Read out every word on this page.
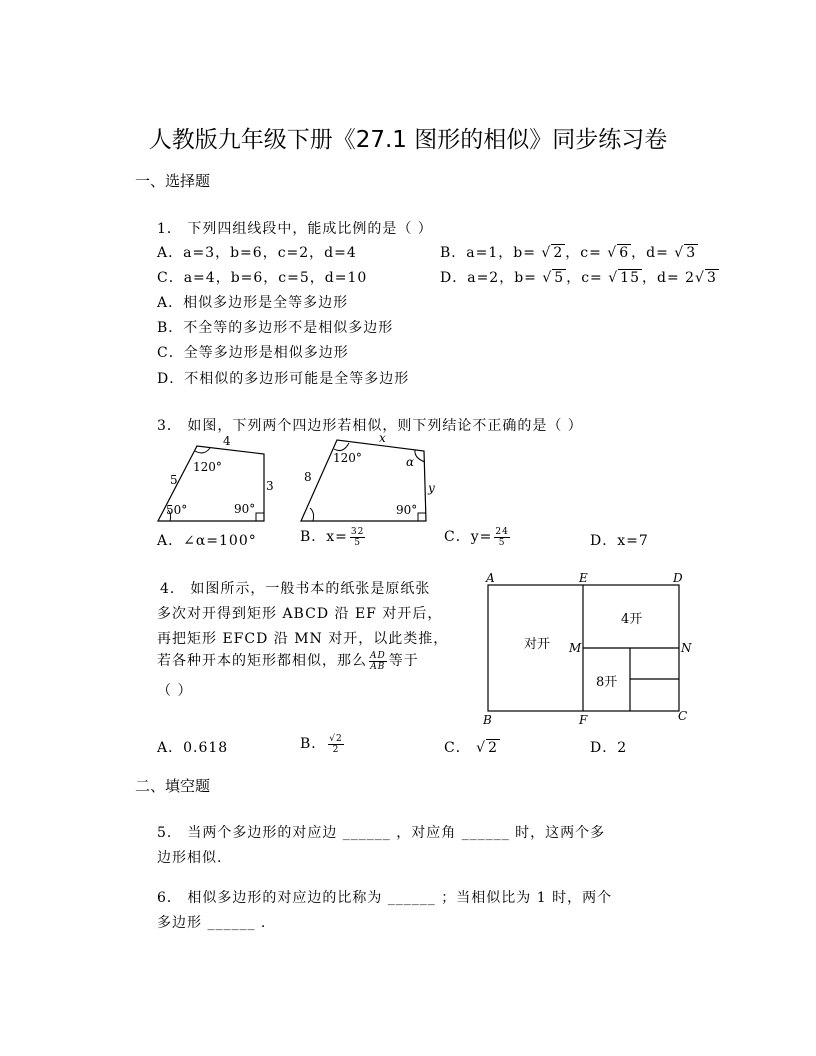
人教版九年级下册《27.1 图形的相似》同步练习卷
一、选择题
1． 下列四组线段中，能成比例的是（ ）
A．a=3，b=6，c=2，d=4	B．a=1，b= √ 2 ，c= √ 6 ，d= √ 3
C．a=4，b=6，c=5，d=10	D．a=2，b= √ 5 ，c= √ 15 ，d= 2√ 3
A．相似多边形是全等多边形
B．不全等的多边形不是相似多边形
C．全等多边形是相似多边形
D．不相似的多边形可能是全等多边形
3． 如图，下列两个四边形若相似，则下列结论不正确的是（ ）
4
5	3
120°
50°	90°
x
8
y
120°	α
90°
A．∠α=100°	B．$x= \frac{32}{5}$	C．$y= \frac{24}{5}$	D．x=7
4． 如图所示，一般书本的纸张是原纸张
多次对开得到矩形 ABCD 沿 EF 对开后，
再把矩形 EFCD 沿 MN 对开，以此类推，
若各种开本的矩形都相似，那么 $\frac{AD}{AB}$ 等于
（ ）
A	E	D
B	F	C
M	N
对开
4开
8开
A．0.618	B． $\frac{√2}{2}$	C． √ 2	D．2
二、填空题
5． 当两个多边形的对应边 ______ ，对应角 ______ 时，这两个多
边形相似.
6． 相似多边形的对应边的比称为 ______ ；当相似比为 1 时，两个
多边形 ______ .
